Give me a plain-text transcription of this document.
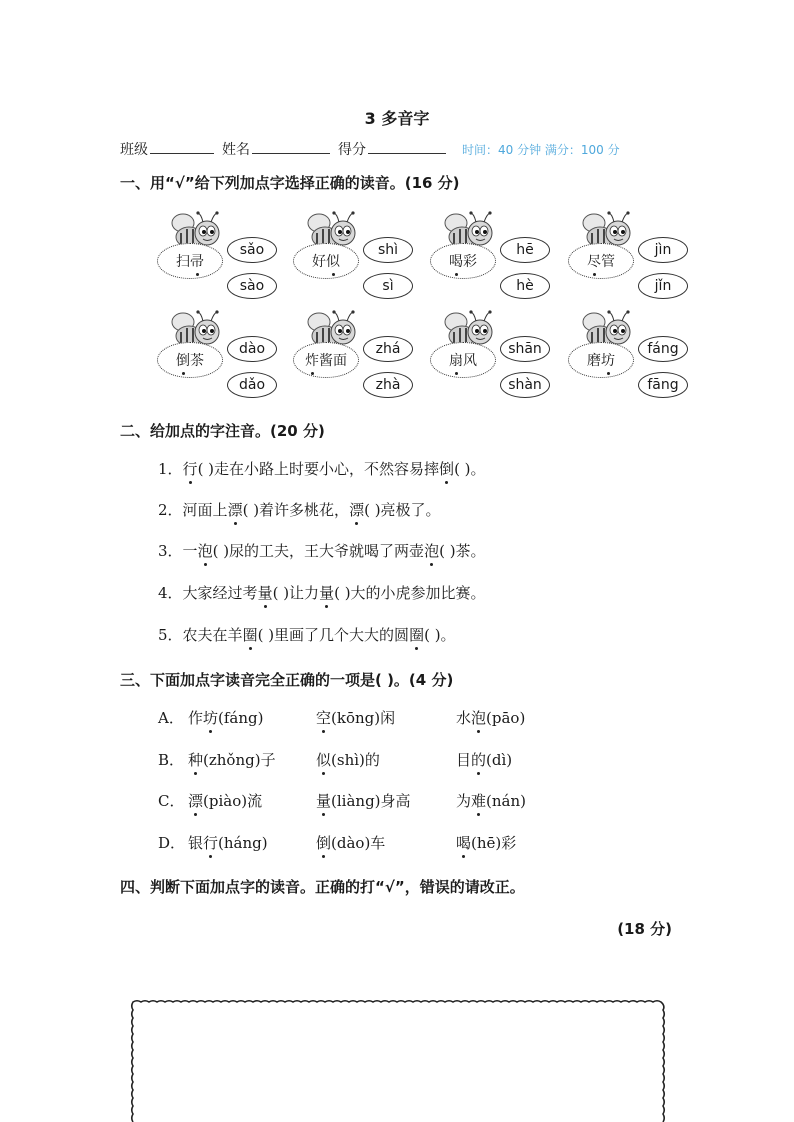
3 多音字
班级	姓名	得分	时间：40 分钟 满分：100 分
一、用“√”给下列加点字选择正确的读音。(16 分)
扫 帚
sǎo
sào
好 似
shì
sì
喝 彩
hē
hè
尽 管
jìn
jǐn
倒 茶
dào
dǎo
炸 酱面
zhá
zhà
扇 风
shān
shàn
磨 坊
fáng
fāng
二、给加点的字注音。(20 分)
1．行( )走在小路上时要小心，不然容易摔倒( )。
2．河面上漂( )着许多桃花，漂( )亮极了。
3．一泡( )尿的工夫，王大爷就喝了两壶泡( )茶。
4．大家经过考量( )让力量( )大的小虎参加比赛。
5．农夫在羊圈( )里画了几个大大的圆圈( )。
三、下面加点字读音完全正确的一项是( )。(4 分)
A． 作坊(fáng)	空(kōng)闲	水泡(pāo)
B． 种(zhǒng)子	似(shì)的	目的(dì)
C． 漂(piào)流	量(liàng)身高	为难(nán)
D． 银行(háng)	倒(dào)车	喝(hē)彩
四、判断下面加点字的读音。正确的打“√”，错误的请改正。
(18 分)
